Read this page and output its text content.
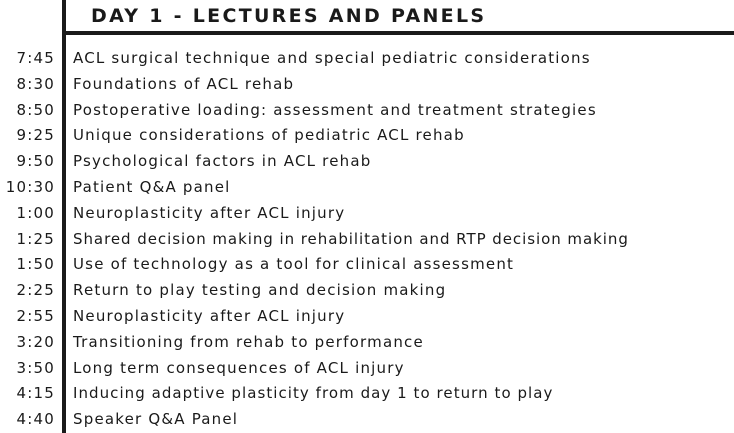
DAY 1 - LECTURES AND PANELS
7:45 ACL surgical technique and special pediatric considerations
8:30 Foundations of ACL rehab
8:50 Postoperative loading: assessment and treatment strategies
9:25 Unique considerations of pediatric ACL rehab
9:50 Psychological factors in ACL rehab
10:30 Patient Q&A panel
1:00 Neuroplasticity after ACL injury
1:25 Shared decision making in rehabilitation and RTP decision making
1:50 Use of technology as a tool for clinical assessment
2:25 Return to play testing and decision making
2:55 Neuroplasticity after ACL injury
3:20 Transitioning from rehab to performance
3:50 Long term consequences of ACL injury
4:15 Inducing adaptive plasticity from day 1 to return to play
4:40 Speaker Q&A Panel
